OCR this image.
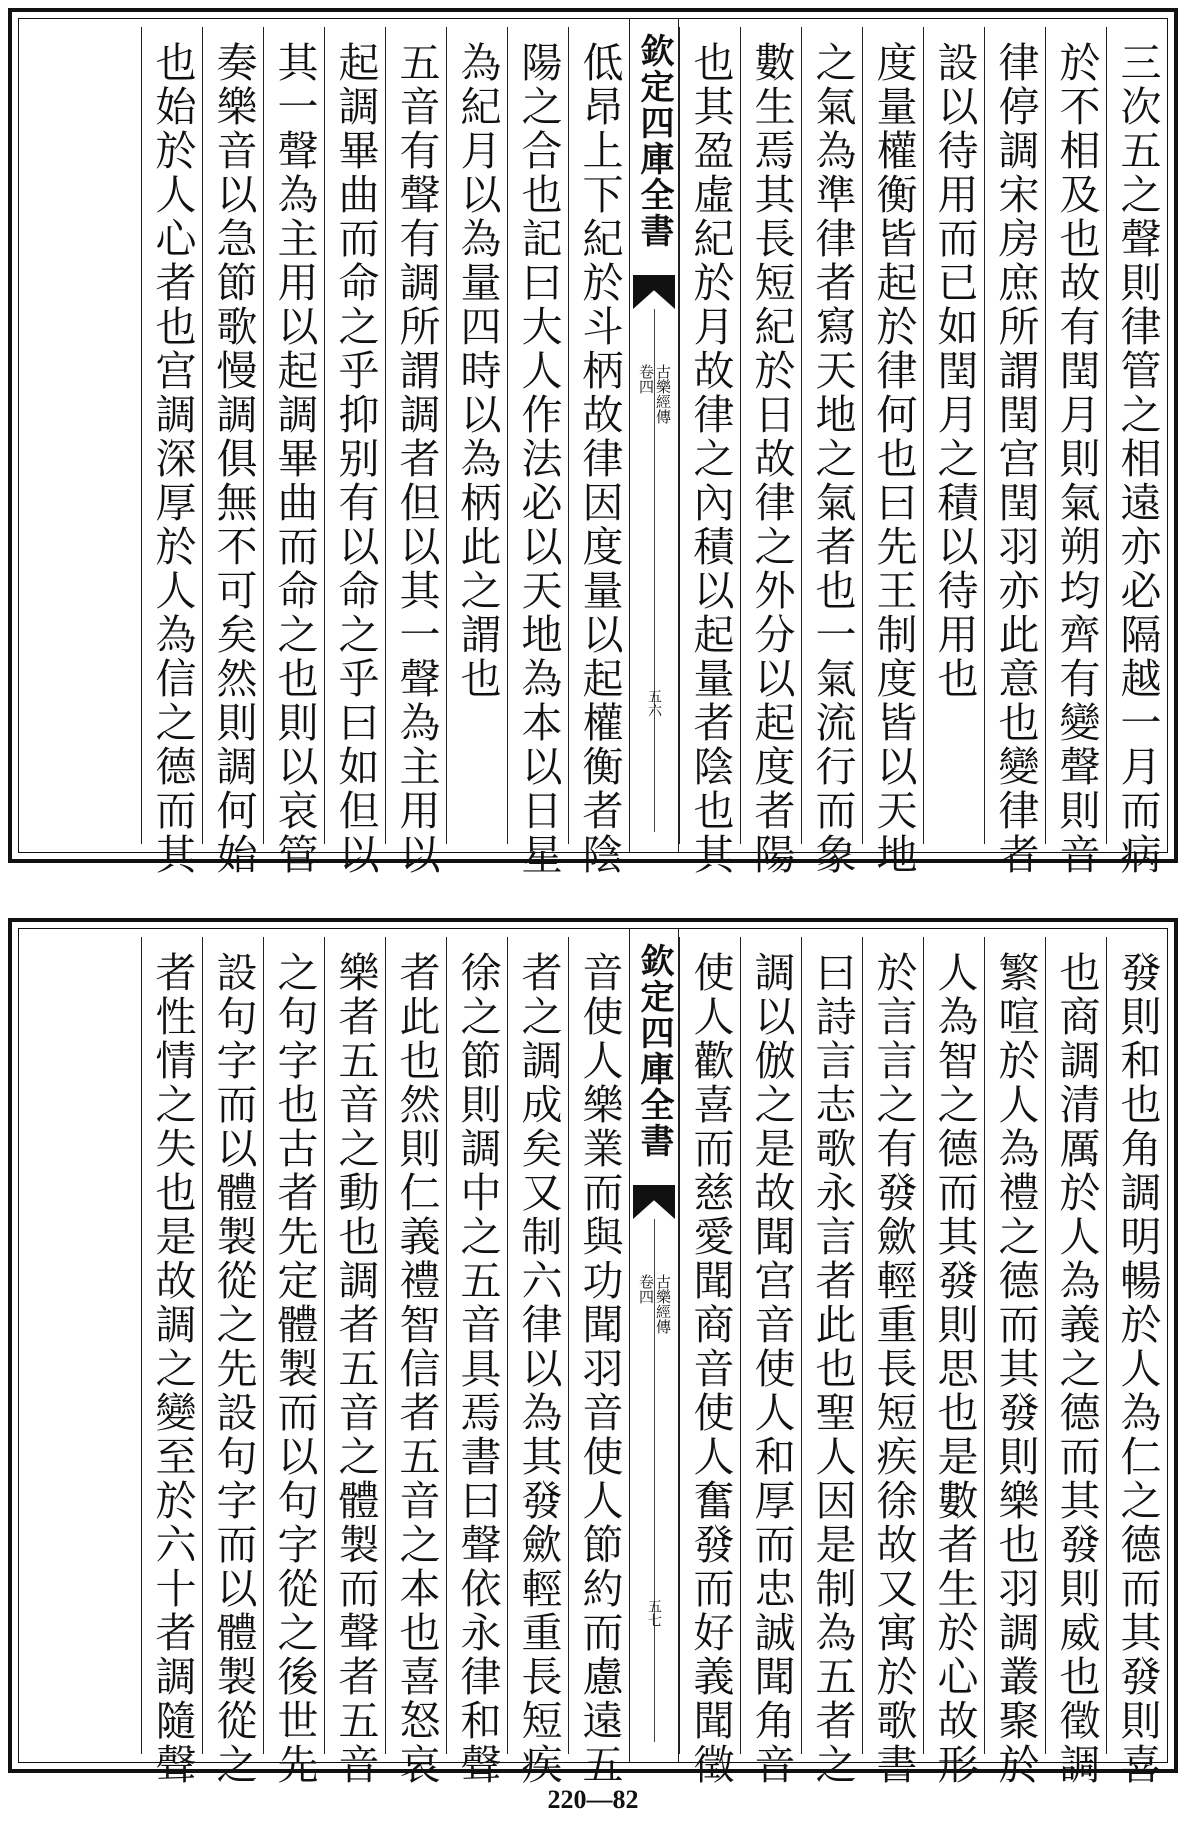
三次五之聲則律管之相遠亦必隔越一月而病
於不相及也故有閏月則氣朔均齊有變聲則音
律停調宋房庶所謂閏宫閏羽亦此意也變律者
設以待用而已如閏月之積以待用也
度量權衡皆起於律何也曰先王制度皆以天地
之氣為準律者寫天地之氣者也一氣流行而象
數生焉其長短紀於日故律之外分以起度者陽
也其盈虛紀於月故律之內積以起量者陰也其
欽定四庫全書
古樂經傳
卷四
五六
低昂上下紀於斗柄故律因度量以起權衡者陰
陽之合也記曰大人作法必以天地為本以日星
為紀月以為量四時以為柄此之謂也
五音有聲有調所謂調者但以其一聲為主用以
起調畢曲而命之乎抑别有以命之乎曰如但以
其一聲為主用以起調畢曲而命之也則以哀管
奏樂音以急節歌慢調俱無不可矣然則調何始
也始於人心者也宫調深厚於人為信之德而其
發則和也角調明暢於人為仁之德而其發則喜
也商調清厲於人為義之德而其發則威也徵調
繁喧於人為禮之德而其發則樂也羽調叢聚於
人為智之德而其發則思也是數者生於心故形
於言言之有發歛輕重長短疾徐故又寓於歌書
曰詩言志歌永言者此也聖人因是制為五者之
調以倣之是故聞宫音使人和厚而忠誠聞角音
使人歡喜而慈愛聞商音使人奮發而好義聞徵
欽定四庫全書
古樂經傳
卷四
五七
音使人樂業而與功聞羽音使人節約而慮遠五
者之調成矣又制六律以為其發歛輕重長短疾
徐之節則調中之五音具焉書曰聲依永律和聲
者此也然則仁義禮智信者五音之本也喜怒哀
樂者五音之動也調者五音之體製而聲者五音
之句字也古者先定體製而以句字從之後世先
設句字而以體製從之先設句字而以體製從之
者性情之失也是故調之變至於六十者調隨聲
220—82
